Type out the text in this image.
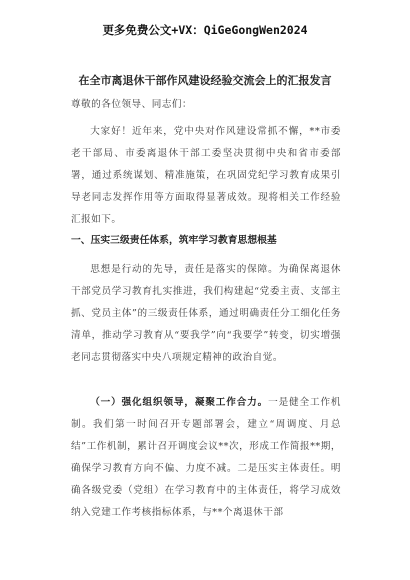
更多免费公文+VX：QiGeGongWen2024
在全市离退休干部作风建设经验交流会上的汇报发言
尊敬的各位领导、同志们：
大家好！近年来，党中央对作风建设常抓不懈，**市委老干部局、市委离退休干部工委坚决贯彻中央和省市委部署，通过系统谋划、精准施策，在巩固党纪学习教育成果引导老同志发挥作用等方面取得显著成效。现将相关工作经验汇报如下。
一、压实三级责任体系，筑牢学习教育思想根基
思想是行动的先导，责任是落实的保障。为确保离退休干部党员学习教育扎实推进，我们构建起“党委主责、支部主抓、党员主体”的三级责任体系，通过明确责任分工细化任务清单，推动学习教育从“要我学”向“我要学”转变，切实增强老同志贯彻落实中央八项规定精神的政治自觉。
（一）强化组织领导，凝聚工作合力。一是健全工作机制。我们第一时间召开专题部署会，建立“周调度、月总结”工作机制，累计召开调度会议**次，形成工作简报**期，确保学习教育方向不偏、力度不减。二是压实主体责任。明确各级党委（党组）在学习教育中的主体责任，将学习成效纳入党建工作考核指标体系，与**个离退休干部
